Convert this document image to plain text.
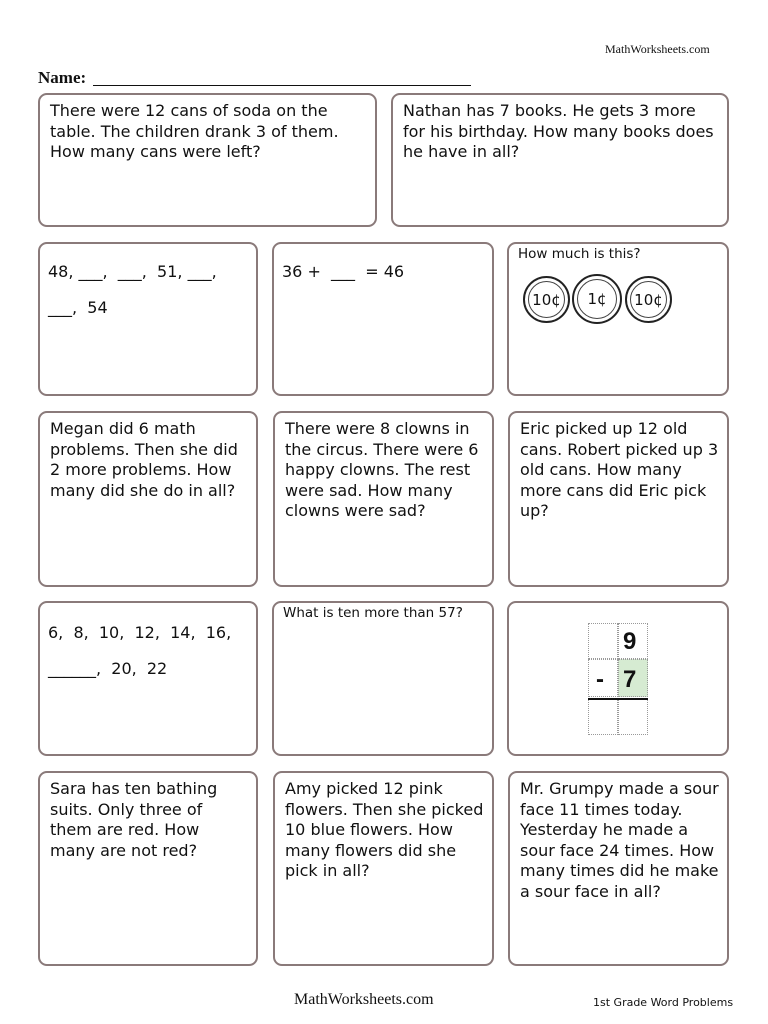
MathWorksheets.com
Name:
There were 12 cans of soda on the table. The children drank 3 of them. How many cans were left?
Nathan has 7 books. He gets 3 more for his birthday. How many books does he have in all?
48, ___,  ___,  51, ___,
___,  54
36 +  ___  = 46
How much is this?
10¢	1¢	10¢
Megan did 6 math problems. Then she did 2 more problems. How many did she do in all?
There were 8 clowns in the circus. There were 6 happy clowns. The rest were sad. How many clowns were sad?
Eric picked up 12 old cans. Robert picked up 3 old cans. How many more cans did Eric pick up?
6,  8,  10,  12,  14,  16,
______,  20,  22
What is ten more than 57?
9
- 7
Sara has ten bathing suits. Only three of them are red. How many are not red?
Amy picked 12 pink flowers. Then she picked 10 blue flowers. How many flowers did she pick in all?
Mr. Grumpy made a sour face 11 times today. Yesterday he made a sour face 24 times. How many times did he make a sour face in all?
MathWorksheets.com	1st Grade Word Problems
